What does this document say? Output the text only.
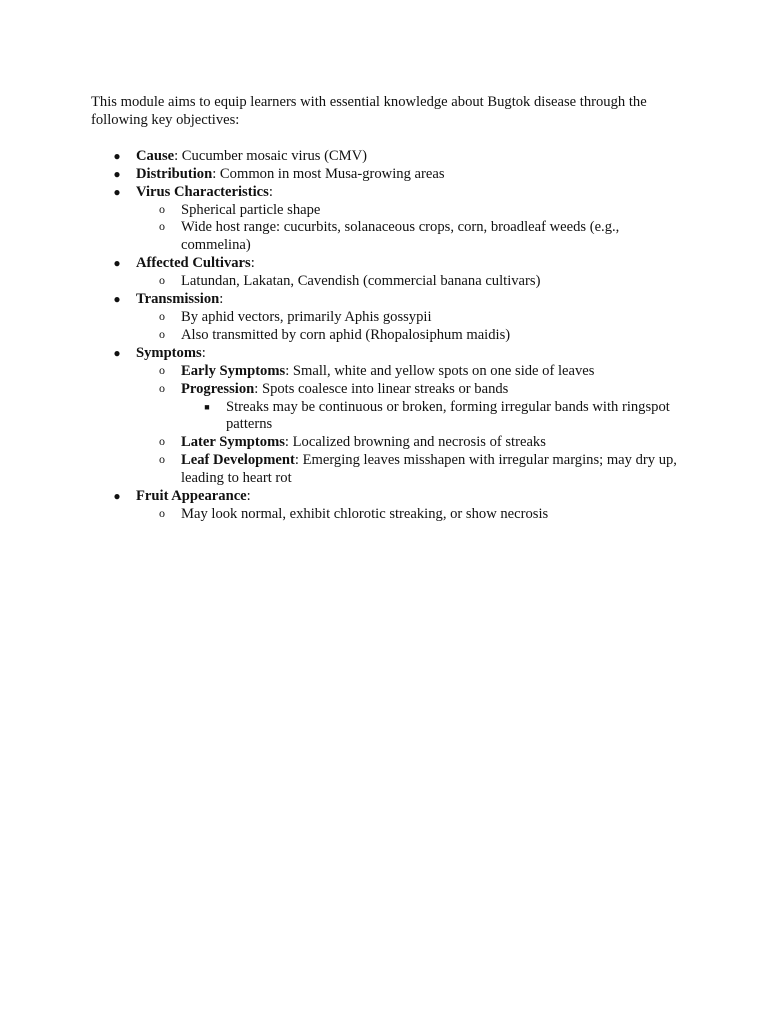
This module aims to equip learners with essential knowledge about Bugtok disease through the following key objectives:

● Cause: Cucumber mosaic virus (CMV)
● Distribution: Common in most Musa-growing areas
● Virus Characteristics:
o Spherical particle shape
o Wide host range: cucurbits, solanaceous crops, corn, broadleaf weeds (e.g., commelina)
● Affected Cultivars:
o Latundan, Lakatan, Cavendish (commercial banana cultivars)
● Transmission:
o By aphid vectors, primarily Aphis gossypii
o Also transmitted by corn aphid (Rhopalosiphum maidis)
● Symptoms:
o Early Symptoms: Small, white and yellow spots on one side of leaves
o Progression: Spots coalesce into linear streaks or bands
■ Streaks may be continuous or broken, forming irregular bands with ringspot patterns
o Later Symptoms: Localized browning and necrosis of streaks
o Leaf Development: Emerging leaves misshapen with irregular margins; may dry up, leading to heart rot
● Fruit Appearance:
o May look normal, exhibit chlorotic streaking, or show necrosis
